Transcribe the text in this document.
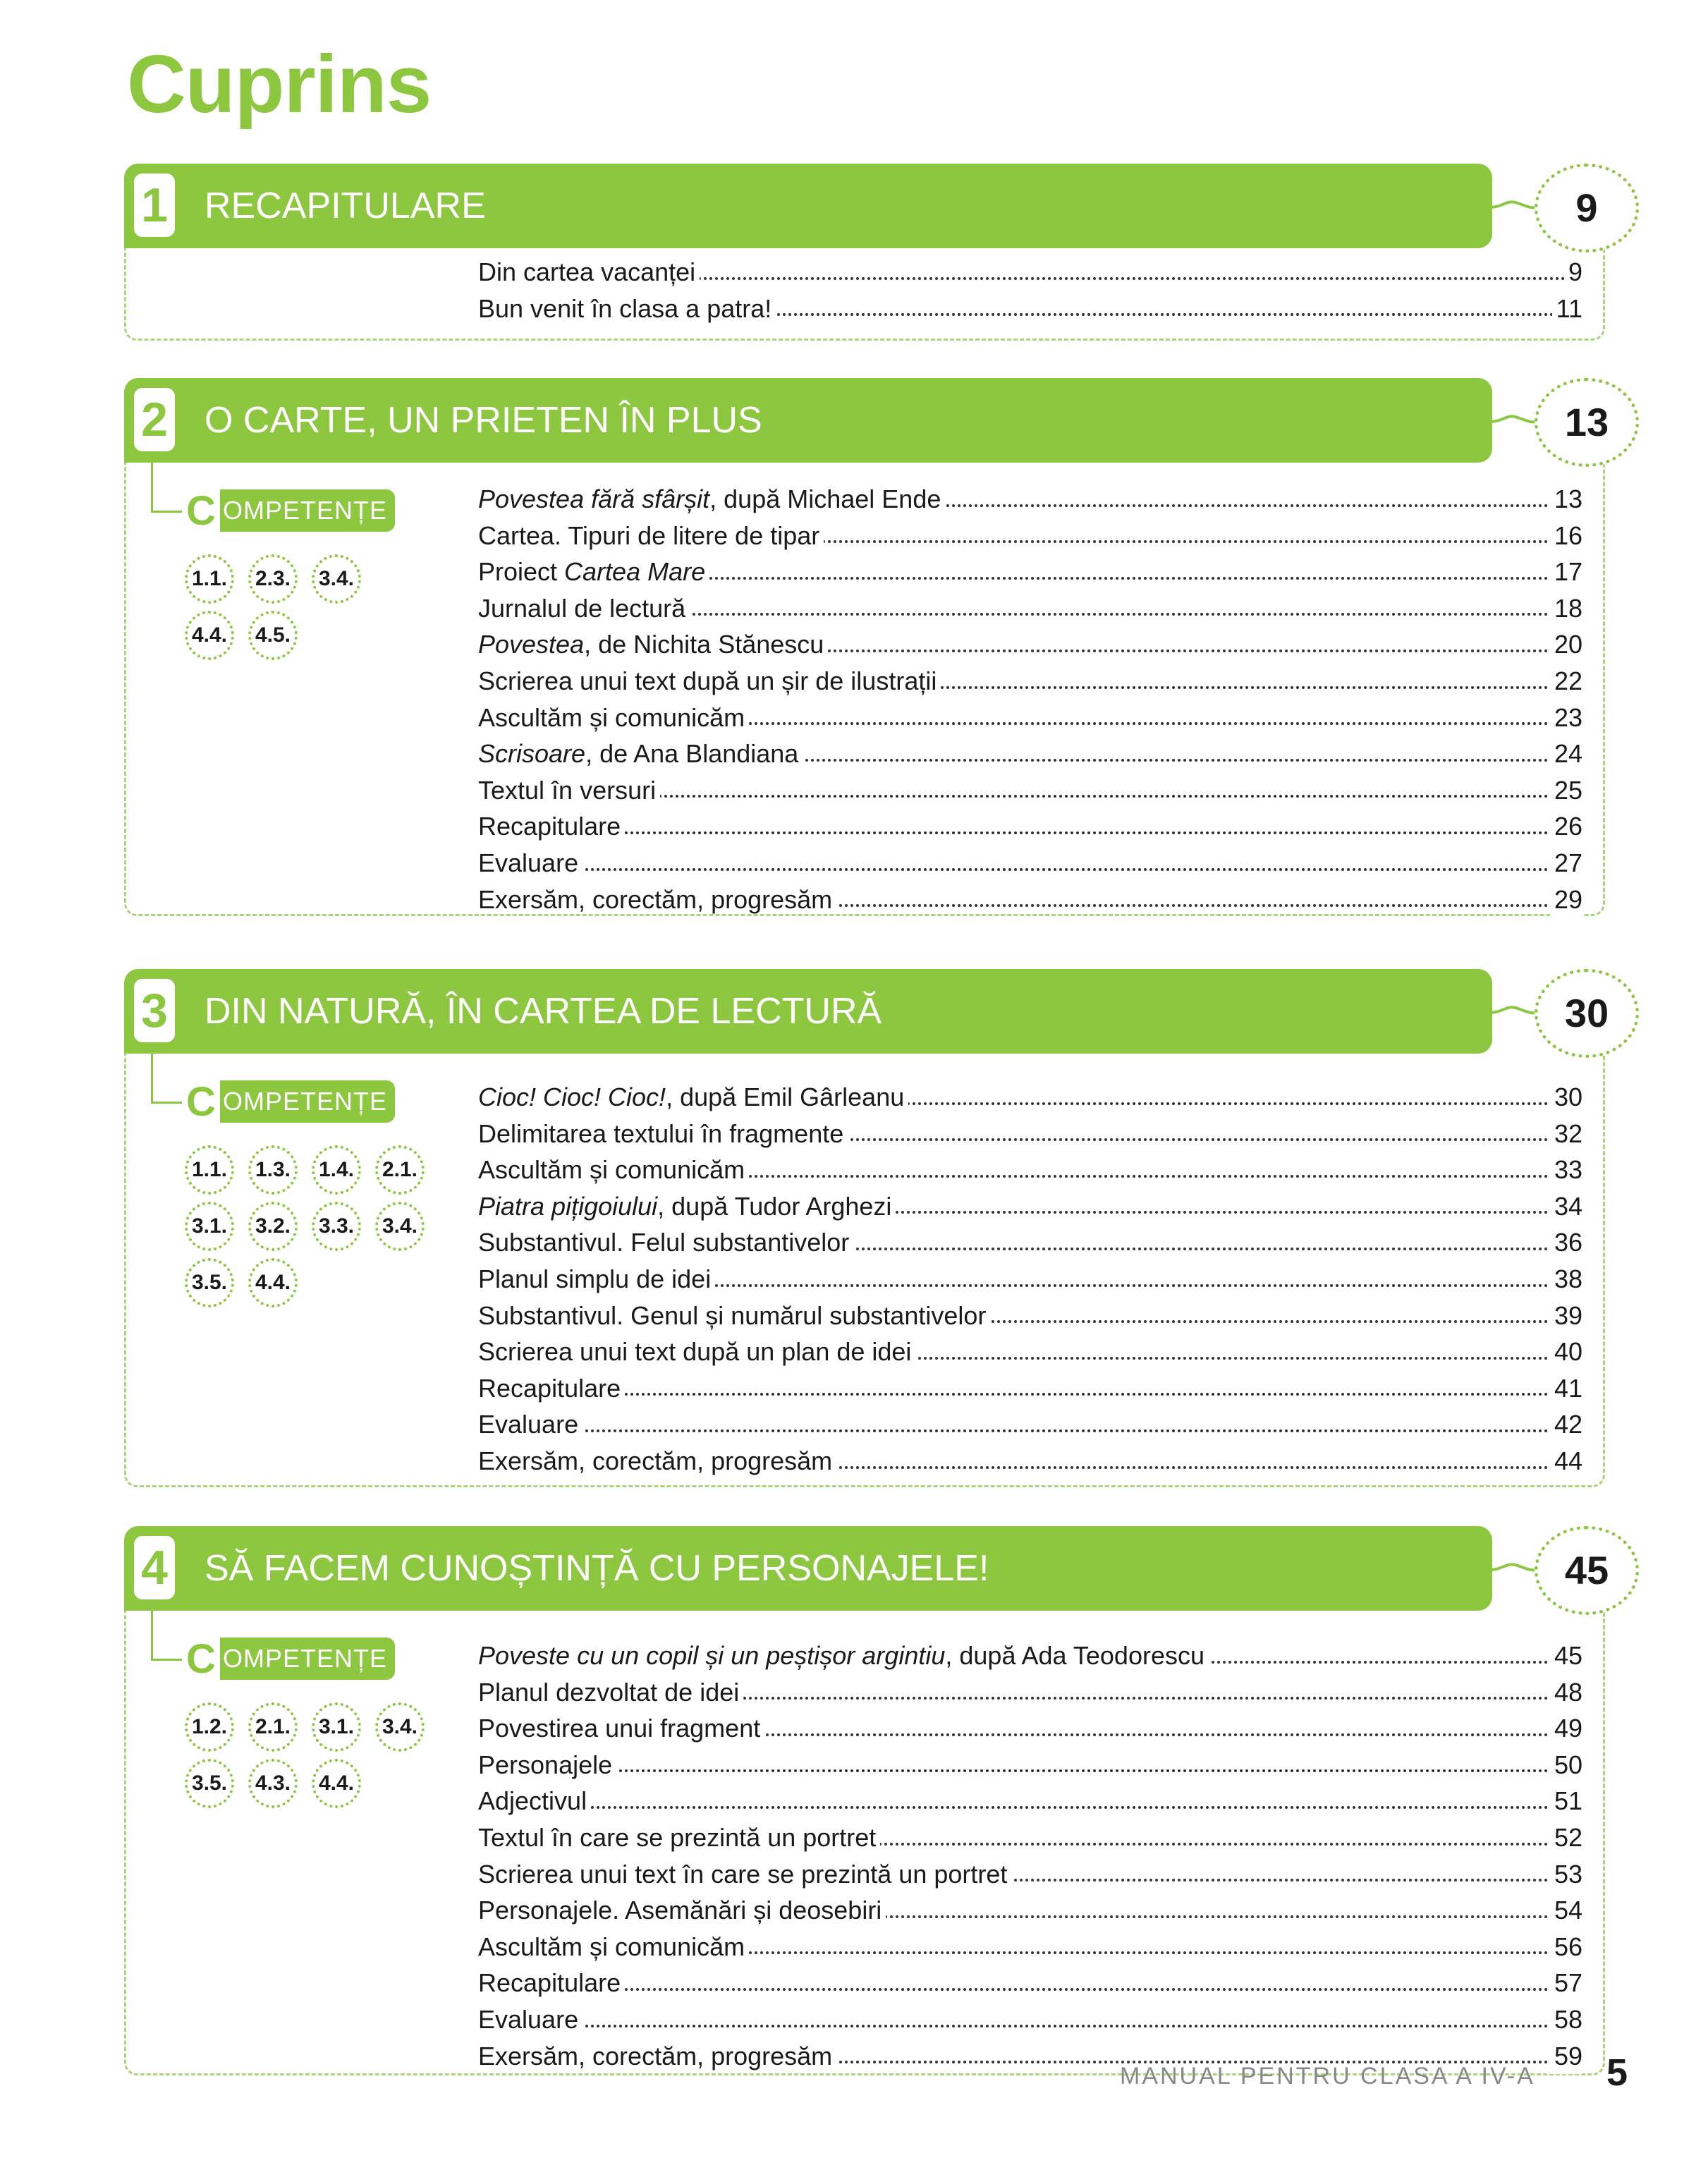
Cuprins
1 RECAPITULARE	9
Din cartea vacanței	9
Bun venit în clasa a patra!	11
2 O CARTE, UN PRIETEN ÎN PLUS	13
C OMPETENȚE
1.1.	2.3.	3.4.
4.4.	4.5.
Povestea fără sfârșit, după Michael Ende	13
Cartea. Tipuri de litere de tipar	16
Proiect Cartea Mare	17
Jurnalul de lectură	18
Povestea, de Nichita Stănescu	20
Scrierea unui text după un șir de ilustrații	22
Ascultăm și comunicăm	23
Scrisoare, de Ana Blandiana	24
Textul în versuri	25
Recapitulare	26
Evaluare	27
Exersăm, corectăm, progresăm	29
3 DIN NATURĂ, ÎN CARTEA DE LECTURĂ	30
C OMPETENȚE
1.1.	1.3.	1.4.	2.1.
3.1.	3.2.	3.3.	3.4.
3.5.	4.4.
Cioc! Cioc! Cioc!, după Emil Gârleanu	30
Delimitarea textului în fragmente	32
Ascultăm și comunicăm	33
Piatra pițigoiului, după Tudor Arghezi	34
Substantivul. Felul substantivelor	36
Planul simplu de idei	38
Substantivul. Genul și numărul substantivelor	39
Scrierea unui text după un plan de idei	40
Recapitulare	41
Evaluare	42
Exersăm, corectăm, progresăm	44
4 SĂ FACEM CUNOȘTINȚĂ CU PERSONAJELE!	45
C OMPETENȚE
1.2.	2.1.	3.1.	3.4.
3.5.	4.3.	4.4.
Poveste cu un copil și un peștișor argintiu, după Ada Teodorescu	45
Planul dezvoltat de idei	48
Povestirea unui fragment	49
Personajele	50
Adjectivul	51
Textul în care se prezintă un portret	52
Scrierea unui text în care se prezintă un portret	53
Personajele. Asemănări și deosebiri	54
Ascultăm și comunicăm	56
Recapitulare	57
Evaluare	58
Exersăm, corectăm, progresăm	59
MANUAL PENTRU CLASA A IV-A 5
